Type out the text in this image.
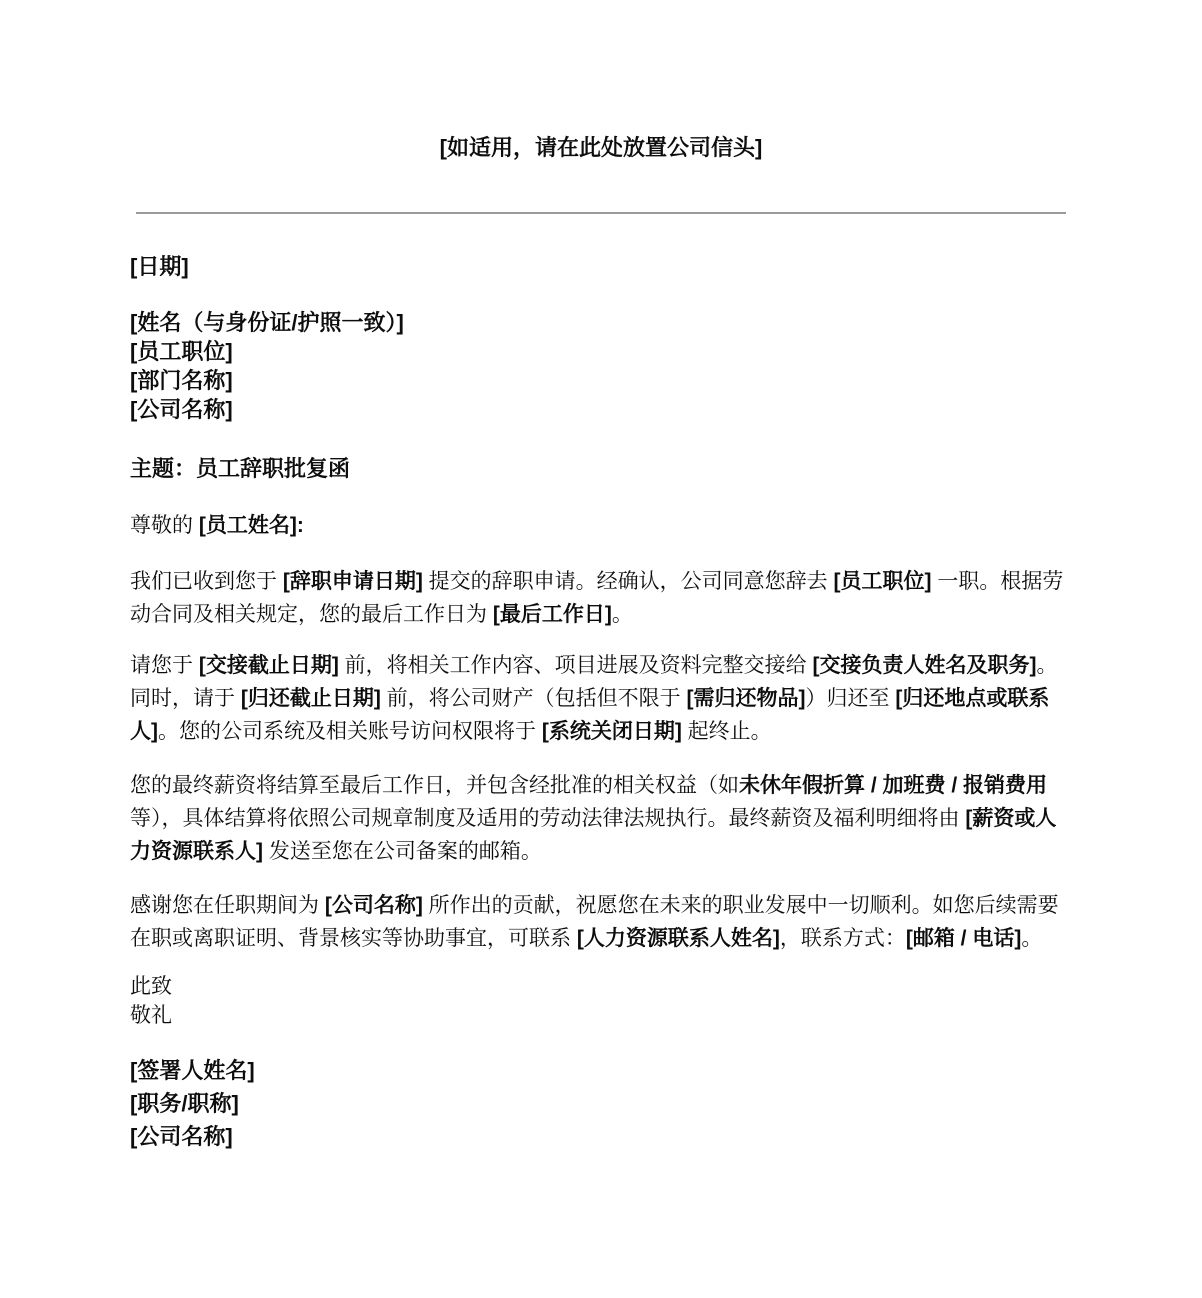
[如适用，请在此处放置公司信头]

[日期]
[姓名（与身份证/护照一致）]
[员工职位]
[部门名称]
[公司名称]
主题：员工辞职批复函
尊敬的 [员工姓名]:
我们已收到您于 [辞职申请日期] 提交的辞职申请。经确认，公司同意您辞去 [员工职位] 一职。根据劳动合同及相关规定，您的最后工作日为 [最后工作日]。
请您于 [交接截止日期] 前，将相关工作内容、项目进展及资料完整交接给 [交接负责人姓名及职务]。同时，请于 [归还截止日期] 前，将公司财产（包括但不限于 [需归还物品]）归还至 [归还地点或联系人]。您的公司系统及相关账号访问权限将于 [系统关闭日期] 起终止。
您的最终薪资将结算至最后工作日，并包含经批准的相关权益（如未休年假折算 / 加班费 / 报销费用等），具体结算将依照公司规章制度及适用的劳动法律法规执行。最终薪资及福利明细将由 [薪资或人力资源联系人] 发送至您在公司备案的邮箱。
感谢您在任职期间为 [公司名称] 所作出的贡献，祝愿您在未来的职业发展中一切顺利。如您后续需要在职或离职证明、背景核实等协助事宜，可联系 [人力资源联系人姓名]，联系方式：[邮箱 / 电话]。
此致
敬礼
[签署人姓名]
[职务/职称]
[公司名称]
